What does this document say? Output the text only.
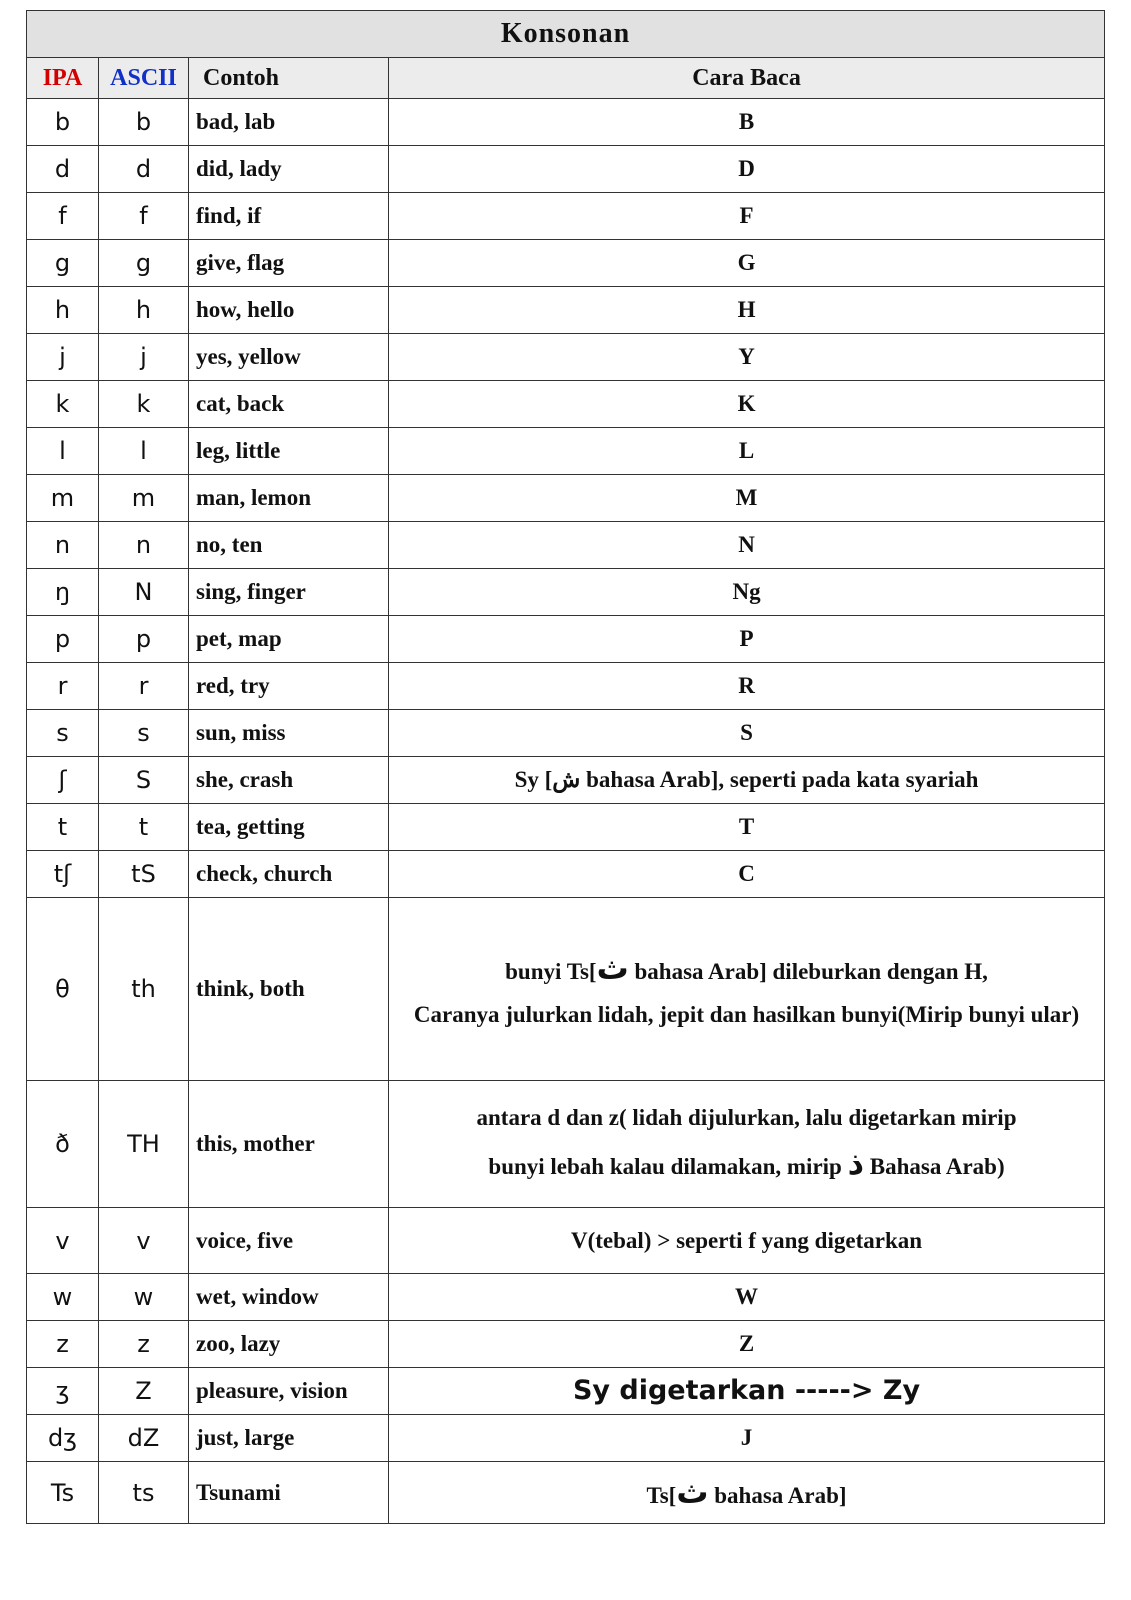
Konsonan			
IPA	ASCII	Contoh	Cara Baca
b	b	bad, lab	B
d	d	did, lady	D
f	f	find, if	F
g	g	give, flag	G
h	h	how, hello	H
j	j	yes, yellow	Y
k	k	cat, back	K
l	l	leg, little	L
m	m	man, lemon	M
n	n	no, ten	N
ŋ	N	sing, finger	Ng
p	p	pet, map	P
r	r	red, try	R
s	s	sun, miss	S
ʃ	S	she, crash	Sy [ش bahasa Arab], seperti pada kata syariah
t	t	tea, getting	T
tʃ	tS	check, church	C
θ	th	think, both	bunyi Ts[ث bahasa Arab] dileburkan dengan H,

Caranya julurkan lidah, jepit dan hasilkan bunyi(Mirip bunyi ular)

ð	TH	this, mother	antara d dan z( lidah dijulurkan, lalu digetarkan mirip

bunyi lebah kalau dilamakan, mirip ذ Bahasa Arab)

v	v	voice, five	V(tebal) > seperti f yang digetarkan
w	w	wet, window	W
z	z	zoo, lazy	Z
ʒ	Z	pleasure, vision	Sy digetarkan -----> Zy
dʒ	dZ	just, large	J
Ts	ts	Tsunami	Ts[ث bahasa Arab]
